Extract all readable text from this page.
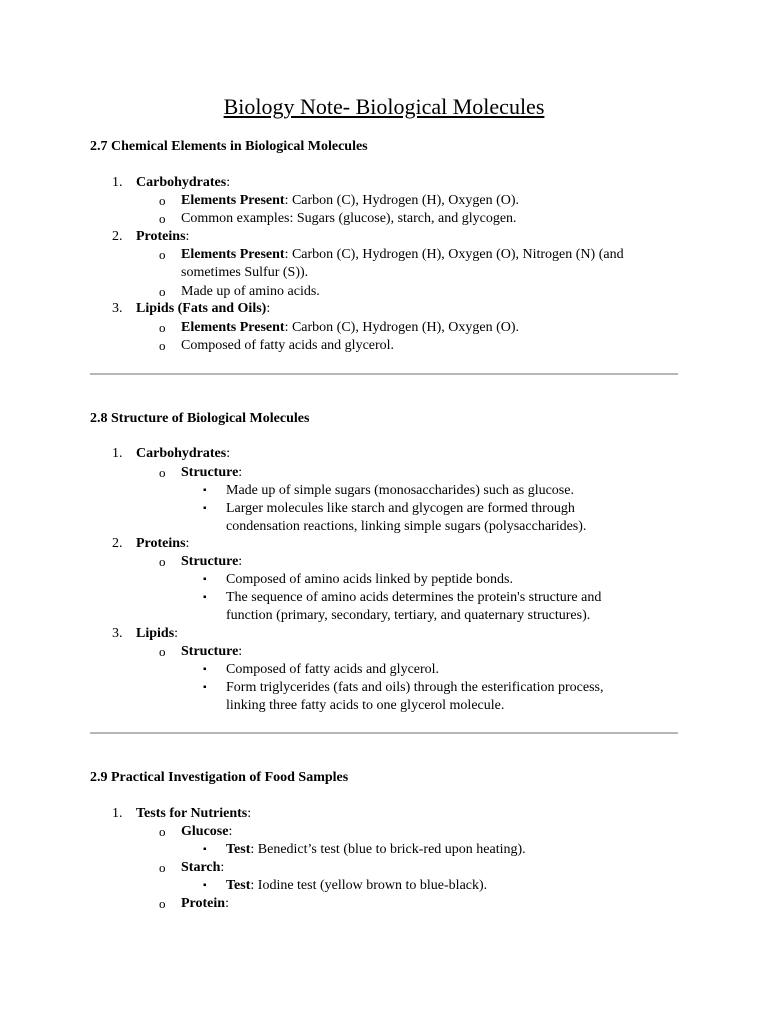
Biology Note- Biological Molecules
2.7 Chemical Elements in Biological Molecules
1. Carbohydrates:
o Elements Present: Carbon (C), Hydrogen (H), Oxygen (O).
o Common examples: Sugars (glucose), starch, and glycogen.
2. Proteins:
o Elements Present: Carbon (C), Hydrogen (H), Oxygen (O), Nitrogen (N) (and
sometimes Sulfur (S)).
o Made up of amino acids.
3. Lipids (Fats and Oils):
o Elements Present: Carbon (C), Hydrogen (H), Oxygen (O).
o Composed of fatty acids and glycerol.
2.8 Structure of Biological Molecules
1. Carbohydrates:
o Structure:
▪ Made up of simple sugars (monosaccharides) such as glucose.
▪ Larger molecules like starch and glycogen are formed through
condensation reactions, linking simple sugars (polysaccharides).
2. Proteins:
o Structure:
▪ Composed of amino acids linked by peptide bonds.
▪ The sequence of amino acids determines the protein's structure and
function (primary, secondary, tertiary, and quaternary structures).
3. Lipids:
o Structure:
▪ Composed of fatty acids and glycerol.
▪ Form triglycerides (fats and oils) through the esterification process,
linking three fatty acids to one glycerol molecule.
2.9 Practical Investigation of Food Samples
1. Tests for Nutrients:
o Glucose:
▪ Test: Benedict’s test (blue to brick-red upon heating).
o Starch:
▪ Test: Iodine test (yellow brown to blue-black).
o Protein:
